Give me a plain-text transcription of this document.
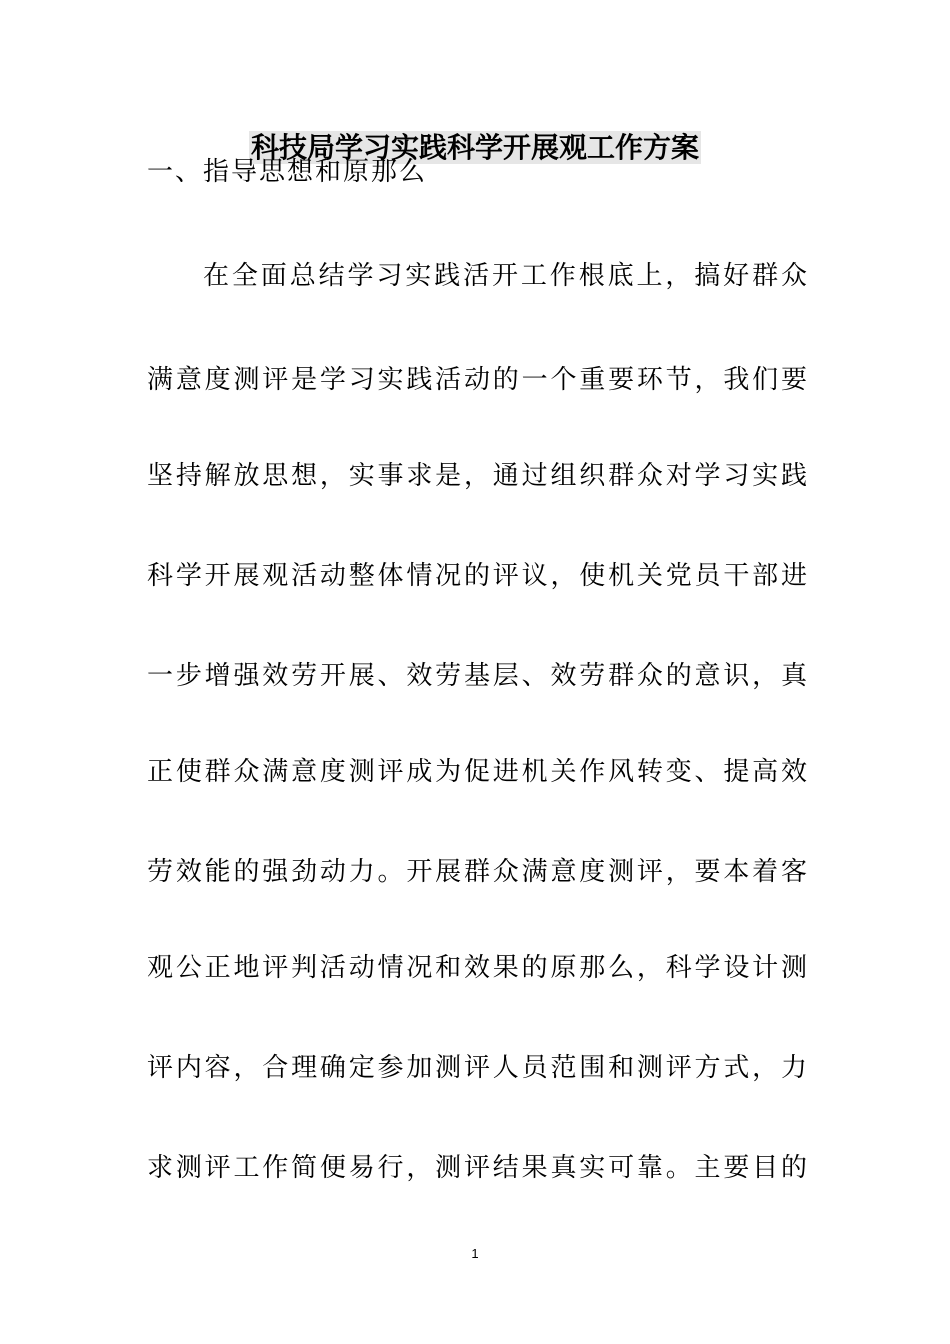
科技局学习实践科学开展观工作方案
一、指导思想和原那么
在全面总结学习实践活开工作根底上，搞好群众
满意度测评是学习实践活动的一个重要环节，我们要
坚持解放思想，实事求是，通过组织群众对学习实践
科学开展观活动整体情况的评议，使机关党员干部进
一步增强效劳开展、效劳基层、效劳群众的意识，真
正使群众满意度测评成为促进机关作风转变、提高效
劳效能的强劲动力。开展群众满意度测评，要本着客
观公正地评判活动情况和效果的原那么，科学设计测
评内容，合理确定参加测评人员范围和测评方式，力
求测评工作简便易行，测评结果真实可靠。主要目的
1
